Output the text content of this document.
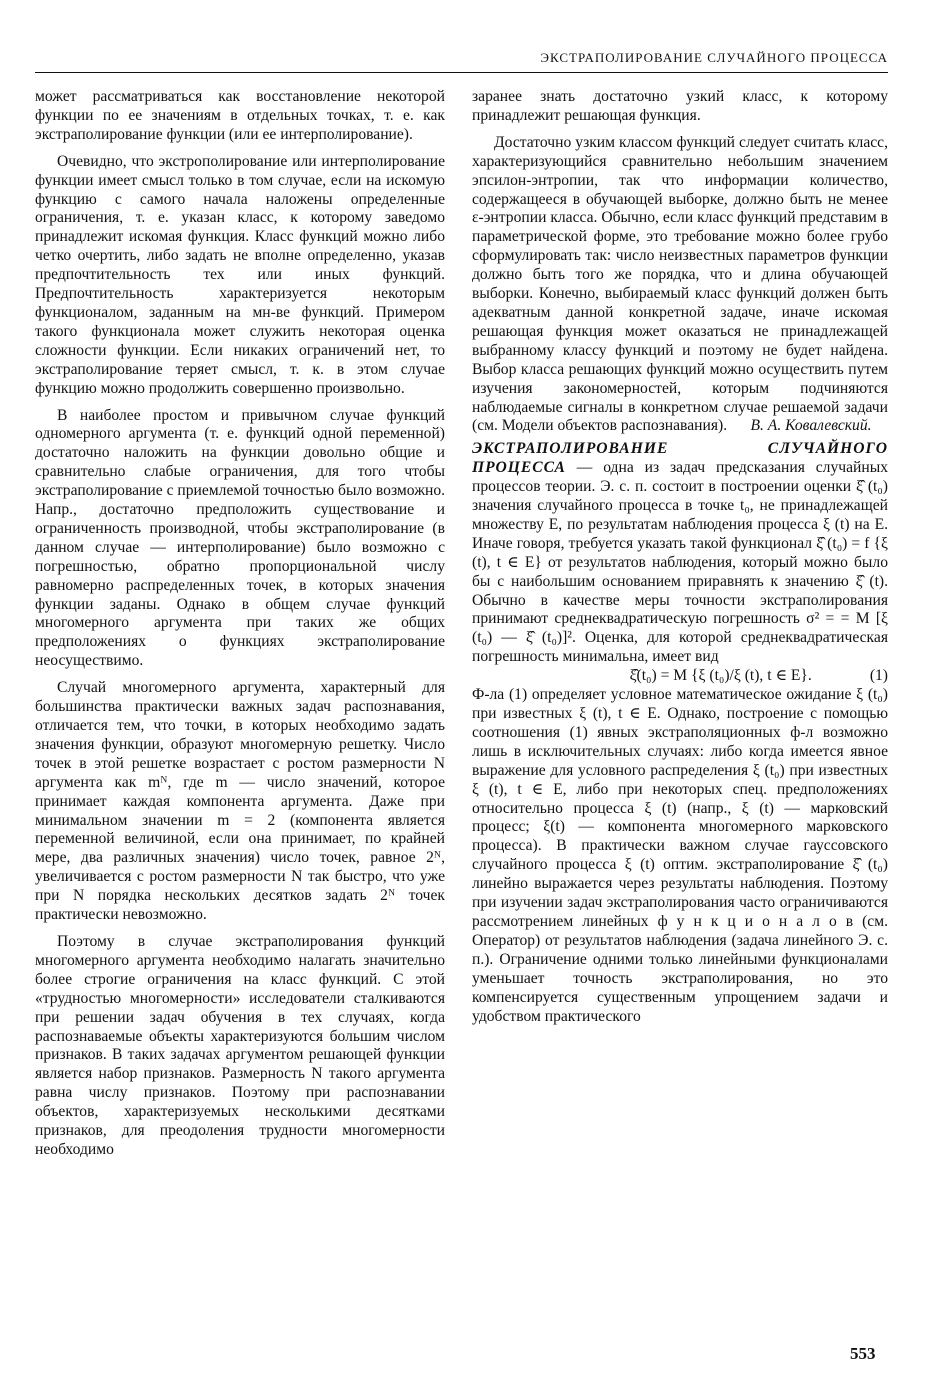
ЭКСТРАПОЛИРОВАНИЕ СЛУЧАЙНОГО ПРОЦЕССА

может рассматриваться как восстановление некоторой функции по ее значениям в отдельных точках, т. е. как экстраполирование функции (или ее интерполирование).

Очевидно, что экстрополирование или интерполирование функции имеет смысл только в том случае, если на искомую функцию с самого начала наложены определенные ограничения, т. е. указан класс, к которому заведомо принадлежит искомая функция. Класс функций можно либо четко очертить, либо задать не вполне определенно, указав предпочтительность тех или иных функций. Предпочтительность характеризуется некоторым функционалом, заданным на мн-ве функций. Примером такого функционала может служить некоторая оценка сложности функции. Если никаких ограничений нет, то экстраполирование теряет смысл, т. к. в этом случае функцию можно продолжить совершенно произвольно.

В наиболее простом и привычном случае функций одномерного аргумента (т. е. функций одной переменной) достаточно наложить на функции довольно общие и сравнительно слабые ограничения, для того чтобы экстраполирование с приемлемой точностью было возможно. Напр., достаточно предположить существование и ограниченность производной, чтобы экстраполирование (в данном случае — интерполирование) было возможно с погрешностью, обратно пропорциональной числу равномерно распределенных точек, в которых значения функции заданы. Однако в общем случае функций многомерного аргумента при таких же общих предположениях о функциях экстраполирование неосуществимо.

Случай многомерного аргумента, характерный для большинства практически важных задач распознавания, отличается тем, что точки, в которых необходимо задать значения функции, образуют многомерную решетку. Число точек в этой решетке возрастает с ростом размерности N аргумента как mᴺ, где m — число значений, которое принимает каждая компонента аргумента. Даже при минимальном значении m = 2 (компонента является переменной величиной, если она принимает, по крайней мере, два различных значения) число точек, равное 2ᴺ, увеличивается с ростом размерности N так быстро, что уже при N порядка нескольких десятков задать 2ᴺ точек практически невозможно.

Поэтому в случае экстраполирования функций многомерного аргумента необходимо налагать значительно более строгие ограничения на класс функций. С этой «трудностью многомерности» исследователи сталкиваются при решении задач обучения в тех случаях, когда распознаваемые объекты характеризуются большим числом признаков. В таких задачах аргументом решающей функции является набор признаков. Размерность N такого аргумента равна числу признаков. Поэтому при распознавании объектов, характеризуемых несколькими десятками признаков, для преодоления трудности многомерности необходимо

заранее знать достаточно узкий класс, к которому принадлежит решающая функция.

Достаточно узким классом функций следует считать класс, характеризующийся сравнительно небольшим значением эпсилон-энтропии, так что информации количество, содержащееся в обучающей выборке, должно быть не менее ε-энтропии класса. Обычно, если класс функций представим в параметрической форме, это требование можно более грубо сформулировать так: число неизвестных параметров функции должно быть того же порядка, что и длина обучающей выборки. Конечно, выбираемый класс функций должен быть адекватным данной конкретной задаче, иначе искомая решающая функция может оказаться не принадлежащей выбранному классу функций и поэтому не будет найдена. Выбор класса решающих функций можно осуществить путем изучения закономерностей, которым подчиняются наблюдаемые сигналы в конкретном случае решаемой задачи (см. Модели объектов распознавания). В. А. Ковалевский.

ЭКСТРАПОЛИРОВАНИЕ СЛУЧАЙНОГО ПРОЦЕССА — одна из задач предсказания случайных процессов теории. Э. с. п. состоит в построении оценки ξ̂ (t₀) значения случайного процесса в точке t₀, не принадлежащей множеству E, по результатам наблюдения процесса ξ (t) на E. Иначе говоря, требуется указать такой функционал ξ̂ (t₀) = f {ξ (t), t ∈ E} от результатов наблюдения, который можно было бы с наибольшим основанием приравнять к значению ξ̂ (t). Обычно в качестве меры точности экстраполирования принимают среднеквадратическую погрешность σ² = = M [ξ (t₀) — ξ̂ (t₀)]². Оценка, для которой среднеквадратическая погрешность минимальна, имеет вид

ξ̂(t₀) = M {ξ (t₀)/ξ (t), t ∈ E}.	(1)

Ф-ла (1) определяет условное математическое ожидание ξ (t₀) при известных ξ (t), t ∈ E. Однако, построение с помощью соотношения (1) явных экстраполяционных ф-л возможно лишь в исключительных случаях: либо когда имеется явное выражение для условного распределения ξ (t₀) при известных ξ (t), t ∈ E, либо при некоторых спец. предположениях относительно процесса ξ (t) (напр., ξ (t) — марковский процесс; ξ(t) — компонента многомерного марковского процесса). В практически важном случае гауссовского случайного процесса ξ (t) оптим. экстраполирование ξ̂ (t₀) линейно выражается через результаты наблюдения. Поэтому при изучении задач экстраполирования часто ограничиваются рассмотрением линейных ф у н к ц и о н а л о в (см. Оператор) от результатов наблюдения (задача линейного Э. с. п.). Ограничение одними только линейными функционалами уменьшает точность экстраполирования, но это компенсируется существенным упрощением задачи и удобством практического

553
